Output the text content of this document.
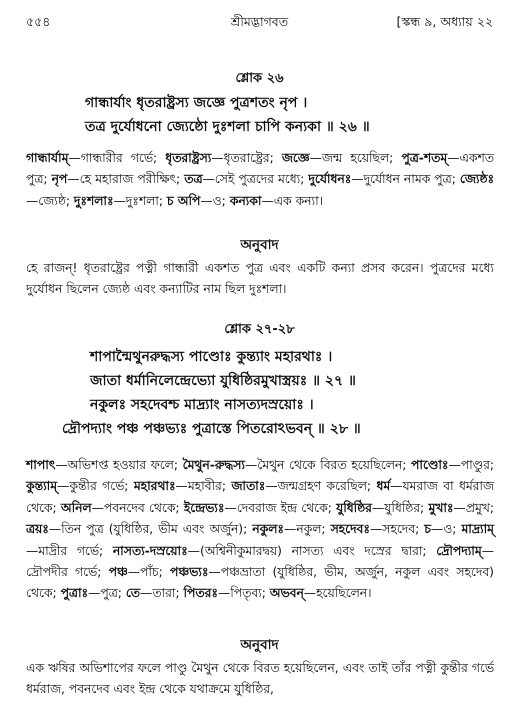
৫৫৪	শ্রীমদ্ভাগবত	[স্কন্ধ ৯, অধ্যায় ২২
শ্লোক ২৬
গান্ধার্যাং ধৃতরাষ্ট্রস্য জজ্ঞে পুত্রশতং নৃপ ।
তত্র দুর্যোধনো জ্যেষ্ঠো দুঃশলা চাপি কন্যকা ॥ ২৬ ॥
গান্ধার্যাম্—গান্ধারীর গর্ভে; ধৃতরাষ্ট্রস্য—ধৃতরাষ্ট্রের; জজ্ঞে—জন্ম হয়েছিল; পুত্র-শতম্—একশত পুত্র; নৃপ—হে মহারাজ পরীক্ষিৎ; তত্র—সেই পুত্রদের মধ্যে; দুর্যোধনঃ—দুর্যোধন নামক পুত্র; জ্যেষ্ঠঃ—জ্যেষ্ঠ; দুঃশলাঃ—দুঃশলা; চ অপি—ও; কন্যকা—এক কন্যা।
অনুবাদ
হে রাজন্! ধৃতরাষ্ট্রের পত্নী গান্ধারী একশত পুত্র এবং একটি কন্যা প্রসব করেন। পুত্রদের মধ্যে দুর্যোধন ছিলেন জ্যেষ্ঠ এবং কন্যাটির নাম ছিল দুঃশলা।
শ্লোক ২৭-২৮
শাপান্মৈথুনরুদ্ধস্য পাণ্ডোঃ কুন্ত্যাং মহারথাঃ ।
জাতা ধর্মানিলেন্দ্রেভ্যো যুধিষ্ঠিরমুখাস্ত্রয়ঃ ॥ ২৭ ॥
নকুলঃ সহদেবশ্চ মাদ্র্যাং নাসত্যদস্রয়োঃ ।
দ্রৌপদ্যাং পঞ্চ পঞ্চভ্যঃ পুত্রাস্তে পিতরোঽভবন্ ॥ ২৮ ॥
শাপাৎ—অভিশপ্ত হওয়ার ফলে; মৈথুন-রুদ্ধস্য—মৈথুন থেকে বিরত হয়েছিলেন; পাণ্ডোঃ—পাণ্ডুর; কুন্ত্যাম্—কুন্তীর গর্ভে; মহারথাঃ—মহাবীর; জাতাঃ—জন্মগ্রহণ করেছিল; ধর্ম—যমরাজ বা ধর্মরাজ থেকে; অনিল—পবনদেব থেকে; ইন্দ্রেভ্যঃ—দেবরাজ ইন্দ্র থেকে; যুধিষ্ঠির—যুধিষ্ঠির; মুখাঃ—প্রমুখ; ত্রয়ঃ—তিন পুত্র (যুধিষ্ঠির, ভীম এবং অর্জুন); নকুলঃ—নকুল; সহদেবঃ—সহদেব; চ—ও; মাদ্র্যাম্—মাদ্রীর গর্ভে; নাসত্য-দস্রয়োঃ—(অশ্বিনীকুমারদ্বয়) নাসত্য এবং দস্রের দ্বারা; দ্রৌপদ্যাম্—দ্রৌপদীর গর্ভে; পঞ্চ—পাঁচ; পঞ্চভ্যঃ—পঞ্চভ্রাতা (যুধিষ্ঠির, ভীম, অর্জুন, নকুল এবং সহদেব) থেকে; পুত্রাঃ—পুত্র; তে—তারা; পিতরঃ—পিতৃব্য; অভবন্—হয়েছিলেন।
অনুবাদ
এক ঋষির অভিশাপের ফলে পাণ্ডু মৈথুন থেকে বিরত হয়েছিলেন, এবং তাই তাঁর পত্নী কুন্তীর গর্ভে ধর্মরাজ, পবনদেব এবং ইন্দ্র থেকে যথাক্রমে যুধিষ্ঠির,
